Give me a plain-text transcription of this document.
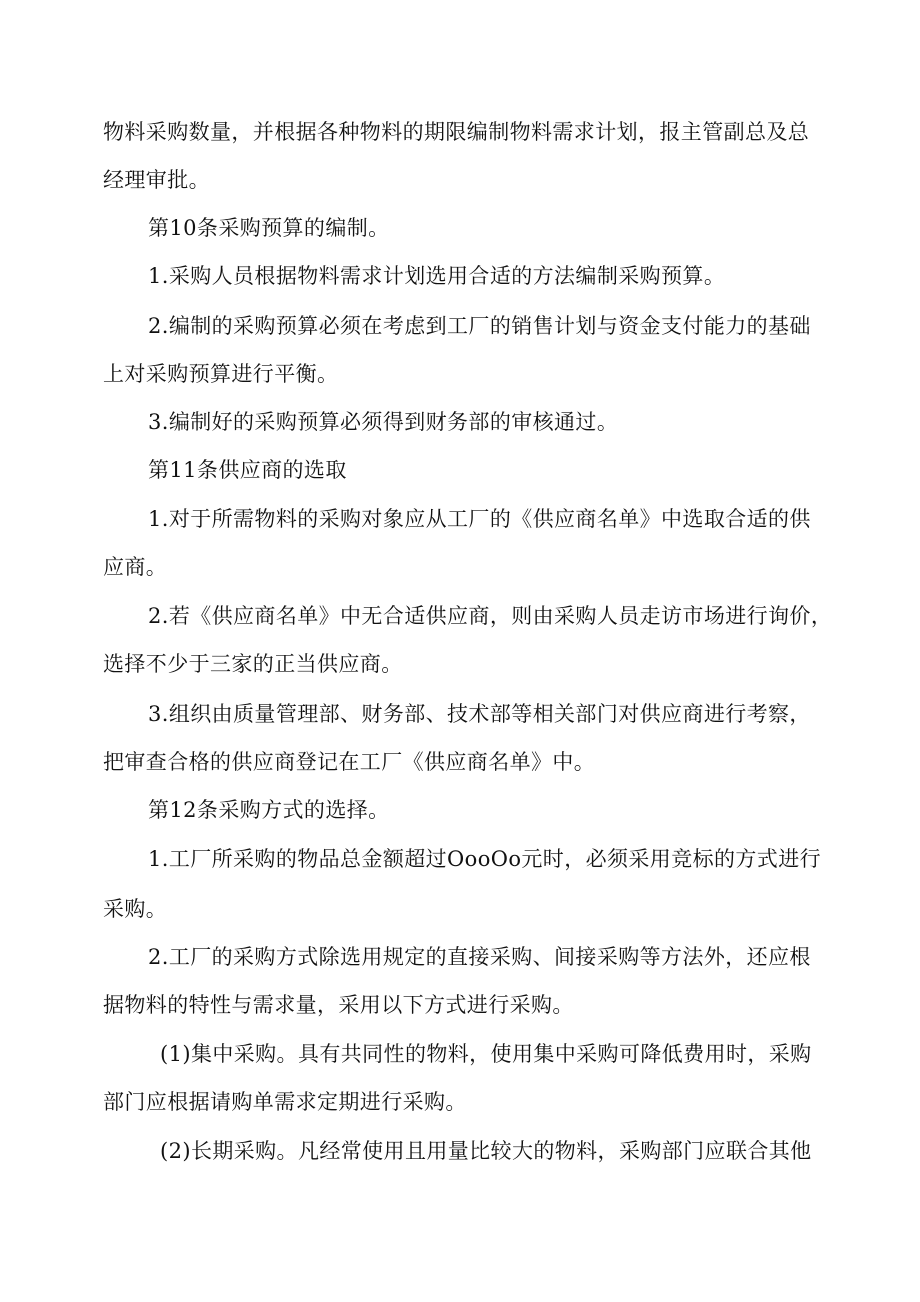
物料采购数量，并根据各种物料的期限编制物料需求计划，报主管副总及总
经理审批。
第10条采购预算的编制。
1.采购人员根据物料需求计划选用合适的方法编制采购预算。
2.编制的采购预算必须在考虑到工厂的销售计划与资金支付能力的基础
上对采购预算进行平衡。
3.编制好的采购预算必须得到财务部的审核通过。
第11条供应商的选取
1.对于所需物料的采购对象应从工厂的《供应商名单》中选取合适的供
应商。
2.若《供应商名单》中无合适供应商，则由采购人员走访市场进行询价，
选择不少于三家的正当供应商。
3.组织由质量管理部、财务部、技术部等相关部门对供应商进行考察，
把审查合格的供应商登记在工厂《供应商名单》中。
第12条采购方式的选择。
1.工厂所采购的物品总金额超过OooOo元时，必须采用竞标的方式进行
采购。
2.工厂的采购方式除选用规定的直接采购、间接采购等方法外，还应根
据物料的特性与需求量，采用以下方式进行采购。
(1)集中采购。具有共同性的物料，使用集中采购可降低费用时，采购
部门应根据请购单需求定期进行采购。
(2)长期采购。凡经常使用且用量比较大的物料，采购部门应联合其他
